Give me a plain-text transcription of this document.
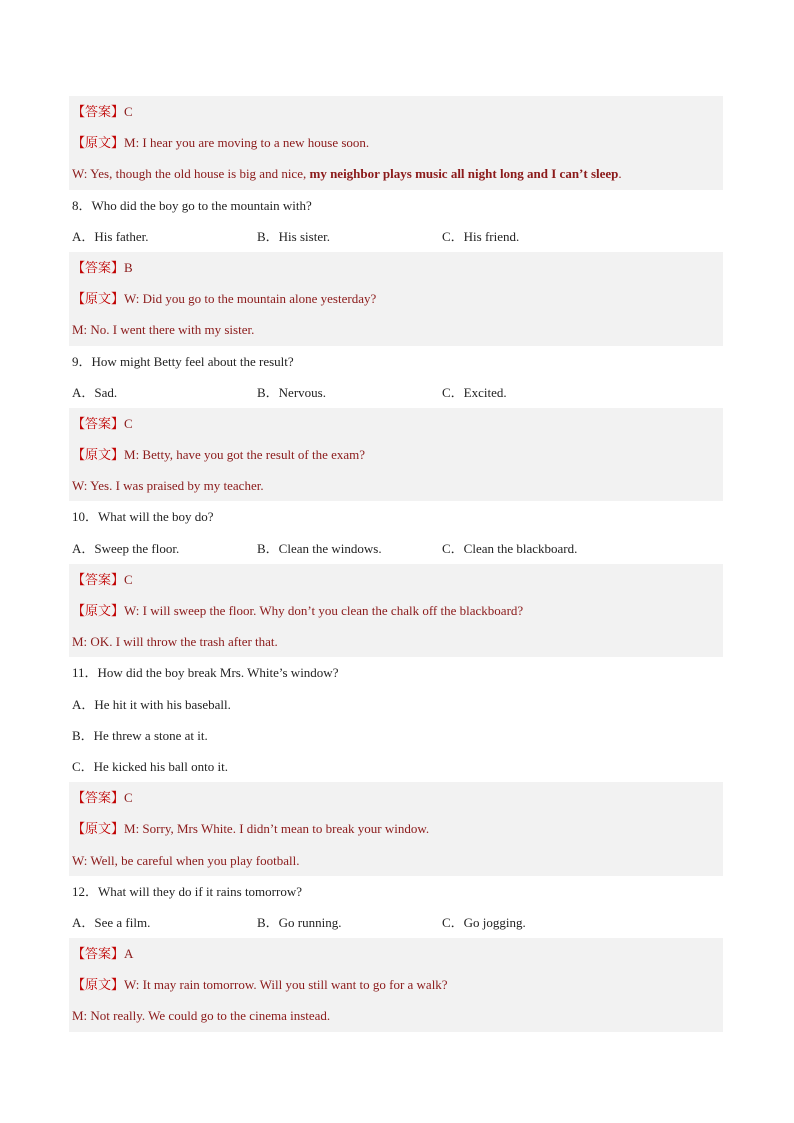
【答案】C
【原文】M: I hear you are moving to a new house soon.
W: Yes, though the old house is big and nice, my neighbor plays music all night long and I can’t sleep.
8．Who did the boy go to the mountain with?
A．His father.	B．His sister.	C．His friend.
【答案】B
【原文】W: Did you go to the mountain alone yesterday?
M: No. I went there with my sister.
9．How might Betty feel about the result?
A．Sad.	B．Nervous.	C．Excited.
【答案】C
【原文】M: Betty, have you got the result of the exam?
W: Yes. I was praised by my teacher.
10．What will the boy do?
A．Sweep the floor.	B．Clean the windows.	C．Clean the blackboard.
【答案】C
【原文】W: I will sweep the floor. Why don’t you clean the chalk off the blackboard?
M: OK. I will throw the trash after that.
11．How did the boy break Mrs. White’s window?
A．He hit it with his baseball.
B．He threw a stone at it.
C．He kicked his ball onto it.
【答案】C
【原文】M: Sorry, Mrs White. I didn’t mean to break your window.
W: Well, be careful when you play football.
12．What will they do if it rains tomorrow?
A．See a film.	B．Go running.	C．Go jogging.
【答案】A
【原文】W: It may rain tomorrow. Will you still want to go for a walk?
M: Not really. We could go to the cinema instead.
